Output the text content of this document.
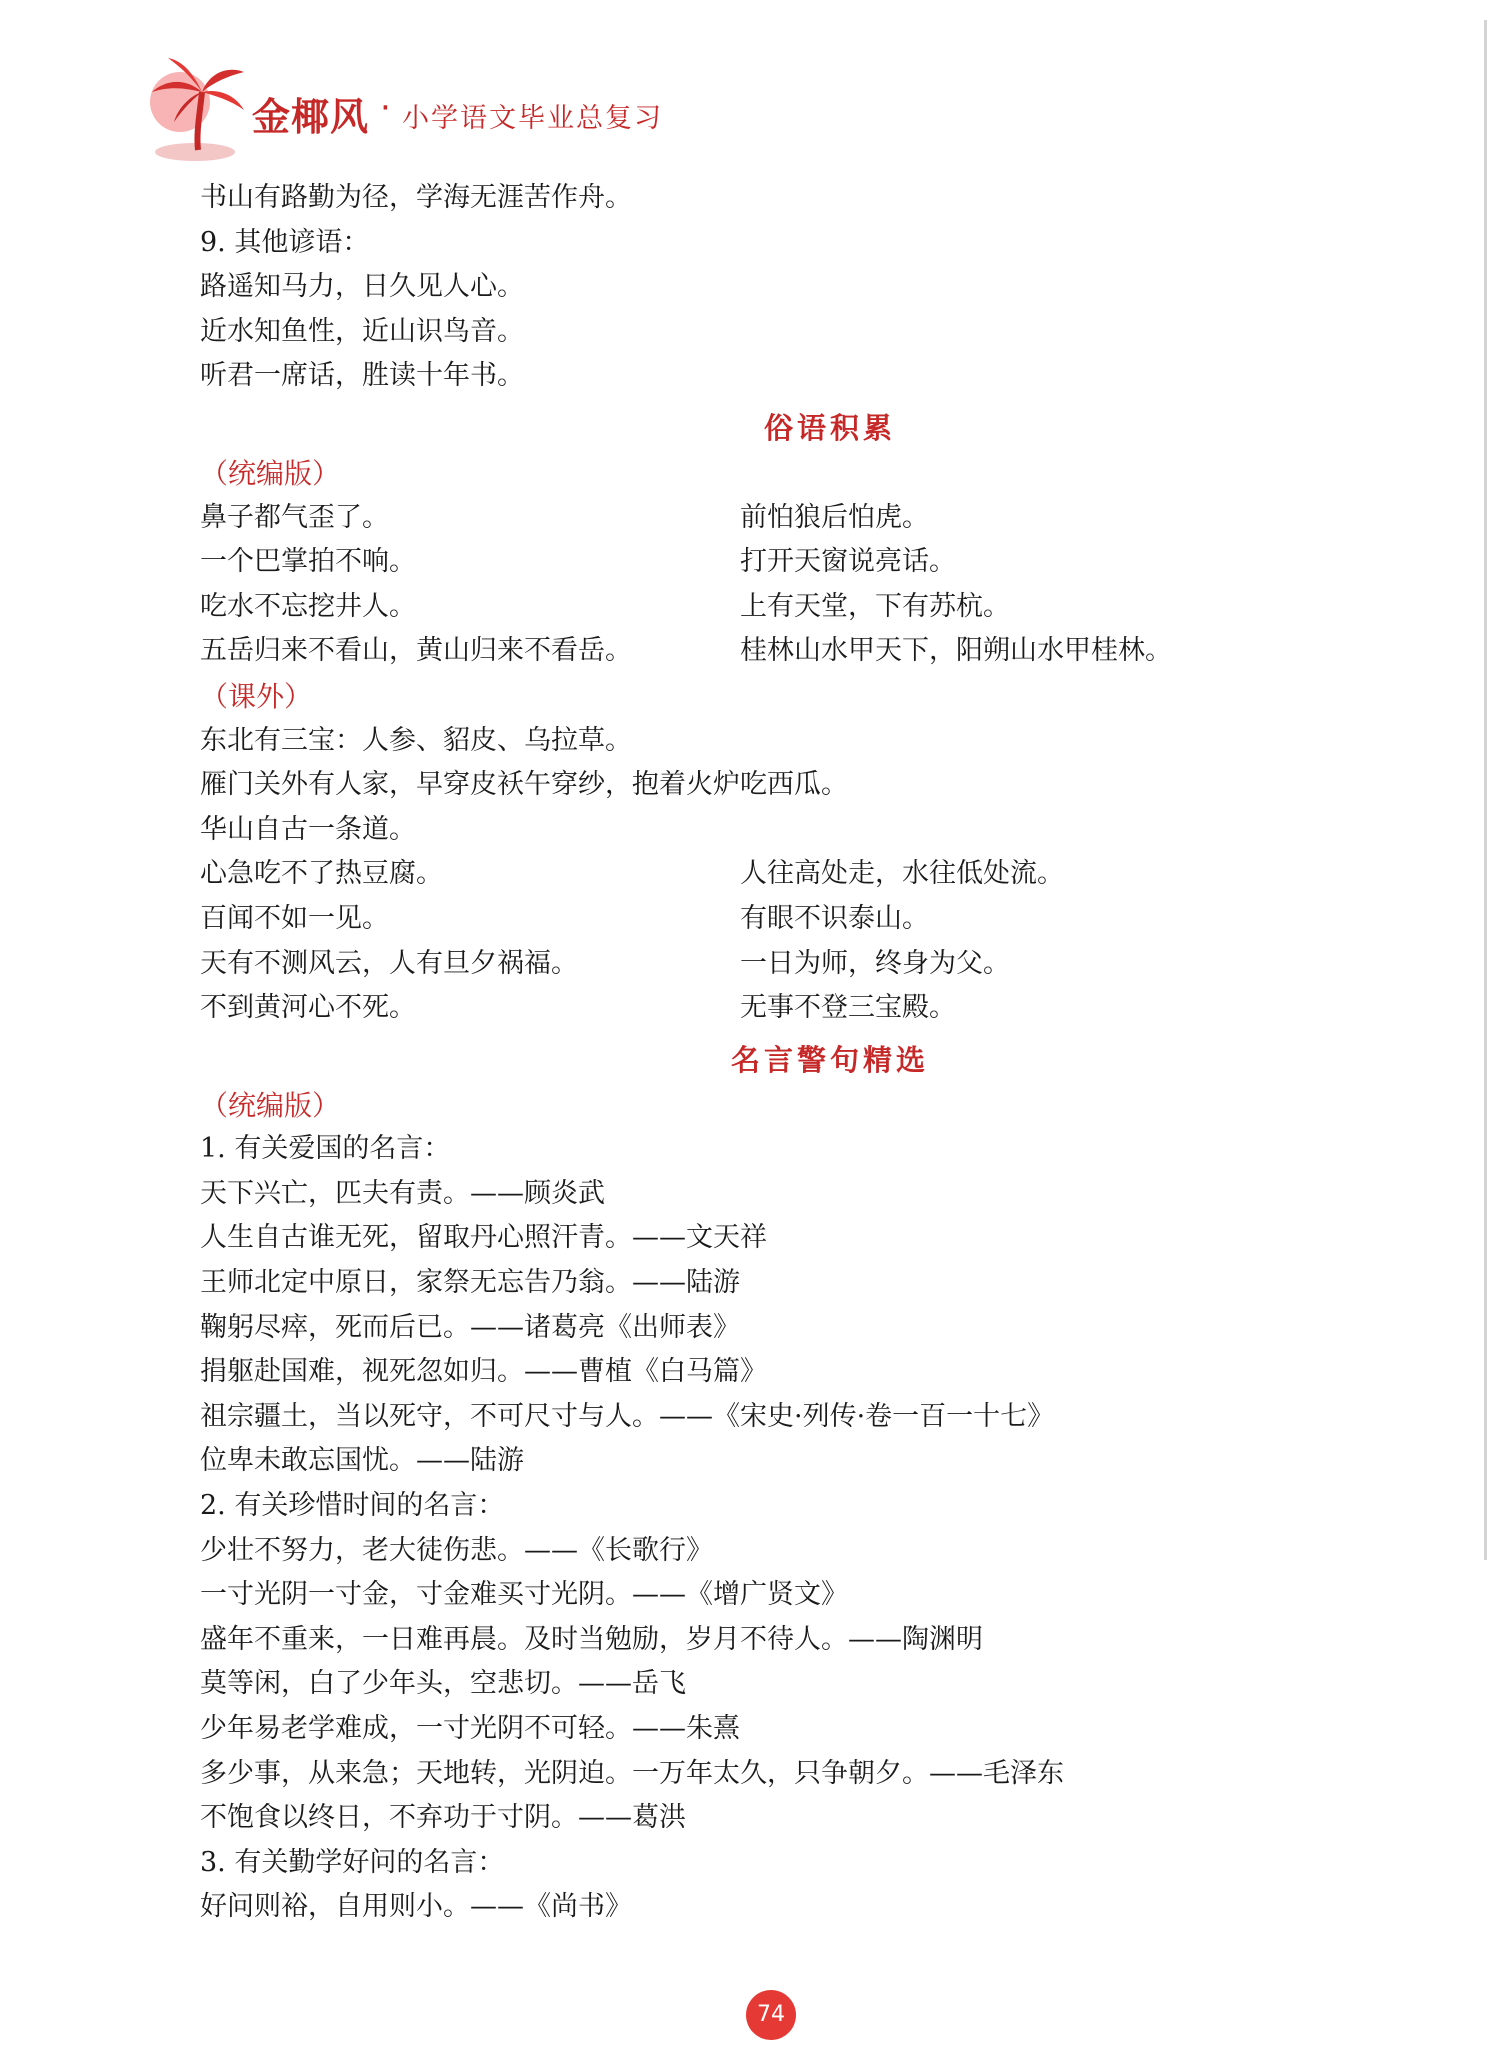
金椰风 · 小学语文毕业总复习
书山有路勤为径，学海无涯苦作舟。
9. 其他谚语：
路遥知马力，日久见人心。
近水知鱼性，近山识鸟音。
听君一席话，胜读十年书。
俗语积累
（统编版）
鼻子都气歪了。	前怕狼后怕虎。
一个巴掌拍不响。	打开天窗说亮话。
吃水不忘挖井人。	上有天堂，下有苏杭。
五岳归来不看山，黄山归来不看岳。	桂林山水甲天下，阳朔山水甲桂林。
（课外）
东北有三宝：人参、貂皮、乌拉草。
雁门关外有人家，早穿皮袄午穿纱，抱着火炉吃西瓜。
华山自古一条道。
心急吃不了热豆腐。	人往高处走，水往低处流。
百闻不如一见。	有眼不识泰山。
天有不测风云，人有旦夕祸福。	一日为师，终身为父。
不到黄河心不死。	无事不登三宝殿。
名言警句精选
（统编版）
1. 有关爱国的名言：
天下兴亡，匹夫有责。——顾炎武
人生自古谁无死，留取丹心照汗青。——文天祥
王师北定中原日，家祭无忘告乃翁。——陆游
鞠躬尽瘁，死而后已。——诸葛亮《出师表》
捐躯赴国难，视死忽如归。——曹植《白马篇》
祖宗疆土，当以死守，不可尺寸与人。——《宋史·列传·卷一百一十七》
位卑未敢忘国忧。——陆游
2. 有关珍惜时间的名言：
少壮不努力，老大徒伤悲。——《长歌行》
一寸光阴一寸金，寸金难买寸光阴。——《增广贤文》
盛年不重来，一日难再晨。及时当勉励，岁月不待人。——陶渊明
莫等闲，白了少年头，空悲切。——岳飞
少年易老学难成，一寸光阴不可轻。——朱熹
多少事，从来急；天地转，光阴迫。一万年太久，只争朝夕。——毛泽东
不饱食以终日，不弃功于寸阴。——葛洪
3. 有关勤学好问的名言：
好问则裕，自用则小。——《尚书》
74
